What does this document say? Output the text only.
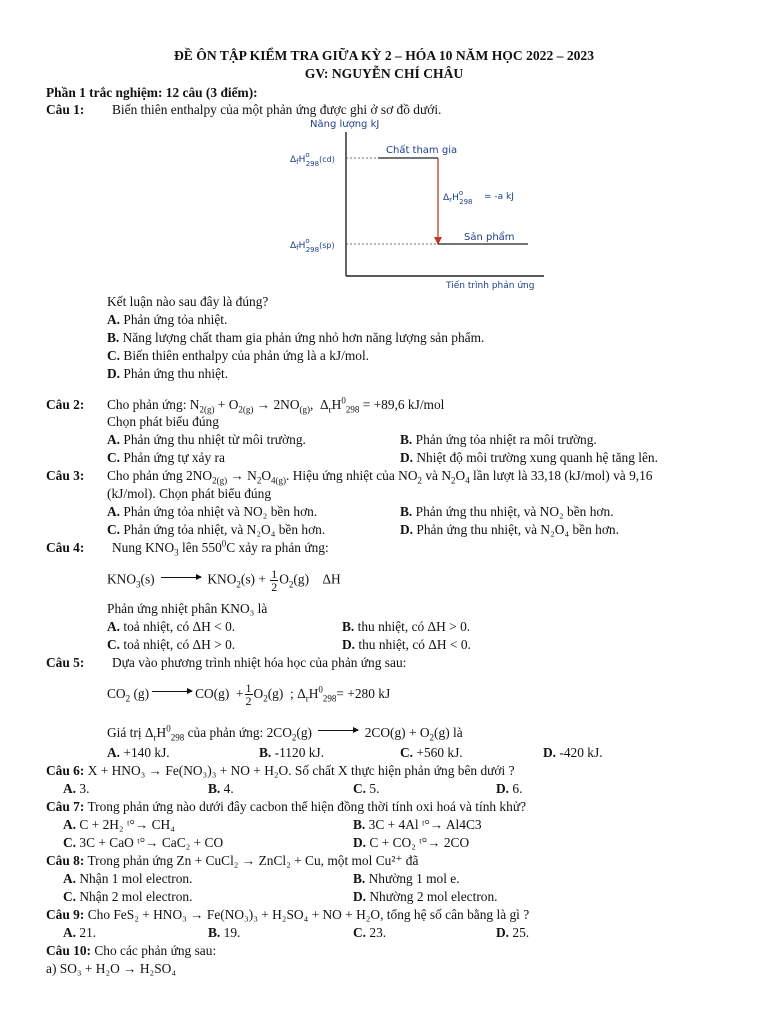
ĐỀ ÔN TẬP KIỂM TRA GIỮA KỲ 2 – HÓA 10 NĂM HỌC 2022 – 2023
GV: NGUYỄN CHÍ CHÂU
Phần 1 trắc nghiệm: 12 câu (3 điểm):
Câu 1: Biến thiên enthalpy của một phản ứng được ghi ở sơ đồ dưới.
Năng lượng kJ
$\Delta_fH^o$ 298(cd)
Chất tham gia
$\Delta_rH^o$ 298 = -a kJ
$\Delta_fH^o$ 298(sp)
Sản phẩm
Tiến trình phản ứng
Kết luận nào sau đây là đúng?
A. Phản ứng tỏa nhiệt.
B. Năng lượng chất tham gia phản ứng nhỏ hơn năng lượng sản phẩm.
C. Biến thiên enthalpy của phản ứng là a kJ/mol.
D. Phản ứng thu nhiệt.
Câu 2: Cho phản ứng: $N_{2(g)} + O_{2(g)} \to 2NO_{(g)}$,  $\Delta_rH^0_{298} = +89,6$ kJ/mol
Chọn phát biểu đúng
A. Phản ứng thu nhiệt từ môi trường.	B. Phản ứng tỏa nhiệt ra môi trường.
C. Phản ứng tự xảy ra	D. Nhiệt độ môi trường xung quanh hệ tăng lên.
Câu 3: Cho phản ứng $2NO_{2(g)} \to N_2O_{4(g)}$. Hiệu ứng nhiệt của $NO_2$ và $N_2O_4$ lần lượt là 33,18 (kJ/mol) và 9,16
(kJ/mol). Chọn phát biểu đúng
A. Phản ứng tỏa nhiệt và NO₂ bền hơn.	B. Phản ứng thu nhiệt, và NO₂ bền hơn.
C. Phản ứng tỏa nhiệt, và N₂O₄ bền hơn.	D. Phản ứng thu nhiệt, và N₂O₄ bền hơn.
Câu 4: Nung $KNO_3$ lên $550^0C$ xảy ra phản ứng:
$KNO_3(s)$	$KNO_2(s) + \frac{1}{2} O_2(g)$    ΔH
Phản ứng nhiệt phân KNO₃ là
A. toả nhiệt, có ΔH < 0.	B. thu nhiệt, có ΔH > 0.
C. toả nhiệt, có ΔH > 0.	D. thu nhiệt, có ΔH < 0.
Câu 5: Dựa vào phương trình nhiệt hóa học của phản ứng sau:
$CO_2$ (g)	$CO(g) + \frac{1}{2} O_2(g)$  ; $\Delta_rH^0_{298}= +280$ kJ
Giá trị $\Delta_rH^0_{298}$ của phản ứng: $2CO_2(g)$	$2CO(g) + O_2(g)$ là
A. +140 kJ.	B. -1120 kJ.	C. +560 kJ.	D. -420 kJ.
Câu 6: X + HNO₃ → Fe(NO₃)₃ + NO + H₂O. Số chất X thực hiện phản ứng bên dưới ?
A. 3.	B. 4.	C. 5.	D. 6.
Câu 7: Trong phản ứng nào dưới đây cacbon thể hiện đồng thời tính oxi hoá và tính khử?
A. C + 2H₂ ᵗ°→ CH₄	B. 3C + 4Al ᵗ°→ Al4C3
C. 3C + CaO ᵗ°→ CaC₂ + CO	D. C + CO₂ ᵗ°→ 2CO
Câu 8: Trong phản ứng Zn + CuCl₂ → ZnCl₂ + Cu, một mol Cu²⁺ đã
A. Nhận 1 mol electron.	B. Nhường 1 mol e.
C. Nhận 2 mol electron.	D. Nhường 2 mol electron.
Câu 9: Cho FeS₂ + HNO₃ → Fe(NO₃)₃ + H₂SO₄ + NO + H₂O, tổng hệ số cân bằng là gì ?
A. 21.	B. 19.	C. 23.	D. 25.
Câu 10: Cho các phản ứng sau:
a) SO₃ + H₂O → H₂SO₄
